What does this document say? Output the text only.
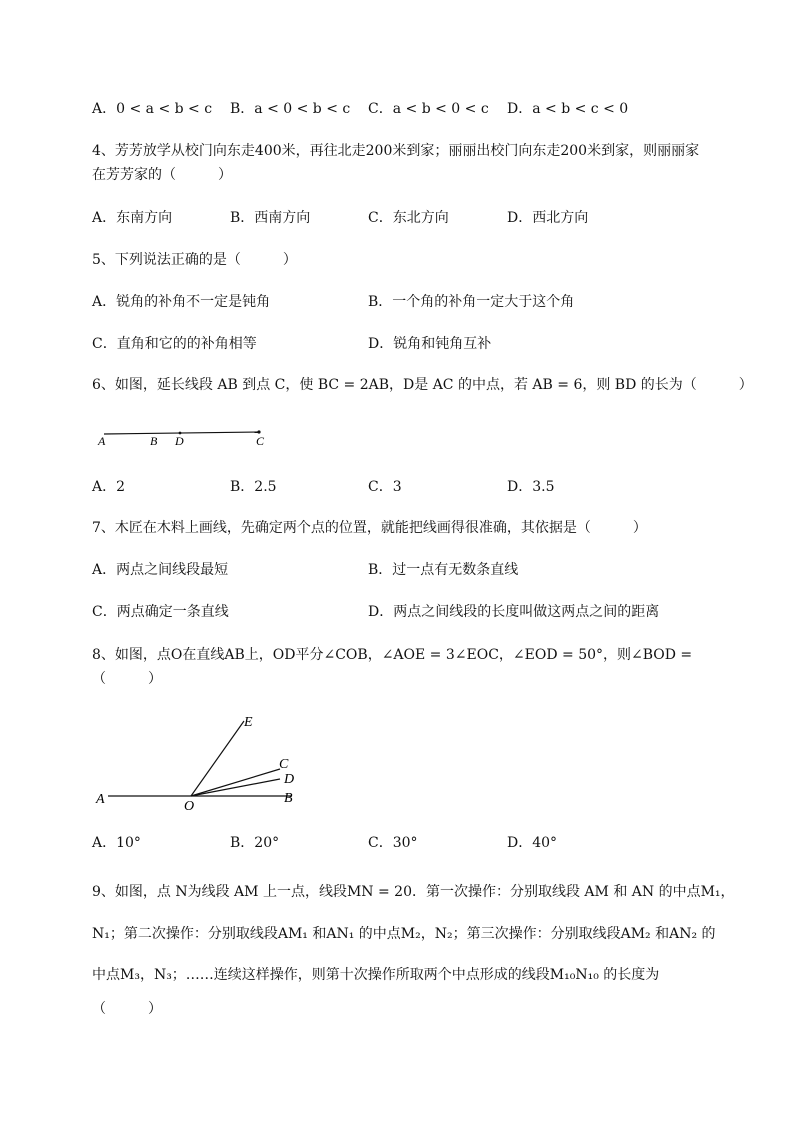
A．0 < a < b < c B．a < 0 < b < c C．a < b < 0 < c D．a < b < c < 0
4、芳芳放学从校门向东走400米，再往北走200米到家；丽丽出校门向东走200米到家，则丽丽家
在芳芳家的（　　　）
A．东南方向	B．西南方向	C．东北方向	D．西北方向
5、下列说法正确的是（　　　）
A．锐角的补角不一定是钝角	B．一个角的补角一定大于这个角
C．直角和它的的补角相等	D．锐角和钝角互补
6、如图，延长线段 AB 到点 C，使 BC = 2AB，D是 AC 的中点，若 AB = 6，则 BD 的长为（　　　）
A	B D	C
A．2	B．2.5	C．3	D．3.5
7、木匠在木料上画线，先确定两个点的位置，就能把线画得很准确，其依据是（　　　）
A．两点之间线段最短	B．过一点有无数条直线
C．两点确定一条直线	D．两点之间线段的长度叫做这两点之间的距离
8、如图，点O在直线AB上，OD平分∠COB，∠AOE = 3∠EOC，∠EOD = 50°，则∠BOD =
（　　　）
E
C
D
A	O
B
A．10°	B．20°	C．30°	D．40°
9、如图，点 N为线段 AM 上一点，线段MN = 20．第一次操作：分别取线段 AM 和 AN 的中点M₁，
N₁；第二次操作：分别取线段AM₁ 和AN₁ 的中点M₂，N₂；第三次操作：分别取线段AM₂ 和AN₂ 的
中点M₃，N₃；……连续这样操作，则第十次操作所取两个中点形成的线段M₁₀N₁₀ 的长度为
（　　　）
